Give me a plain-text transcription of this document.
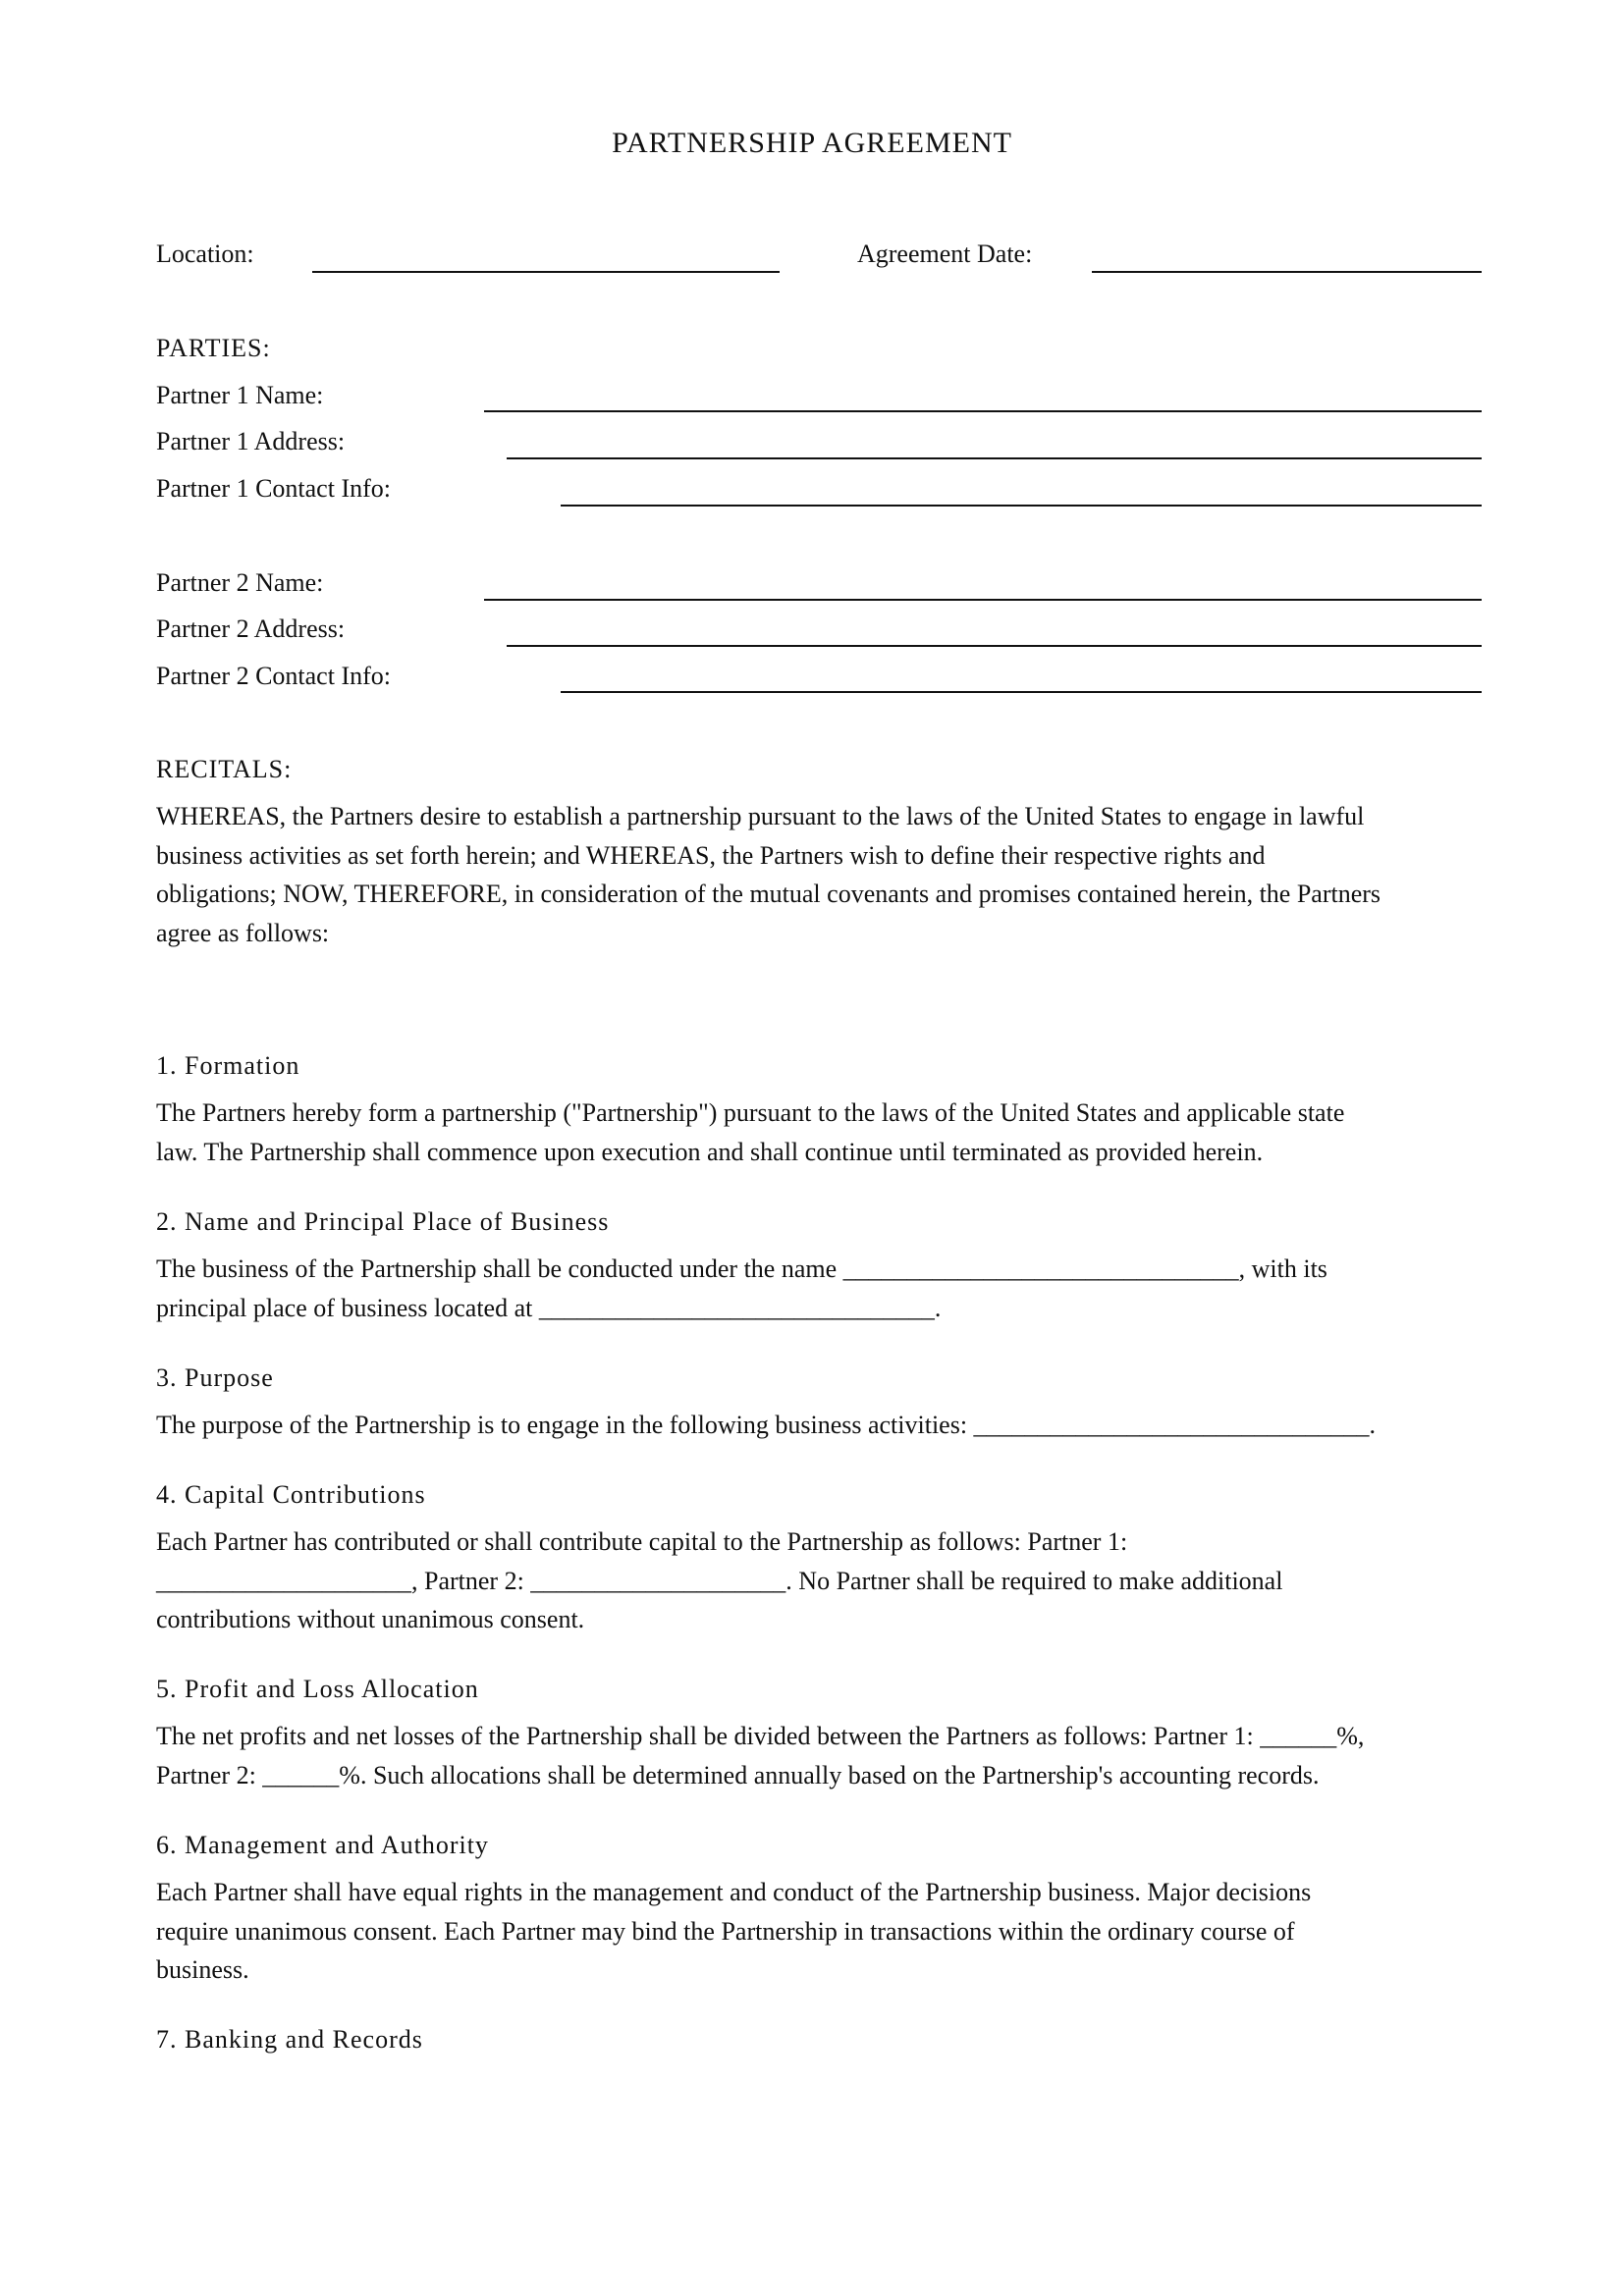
PARTNERSHIP AGREEMENT
Location:	Agreement Date:
PARTIES:
Partner 1 Name:
Partner 1 Address:
Partner 1 Contact Info:
Partner 2 Name:
Partner 2 Address:
Partner 2 Contact Info:
RECITALS:
WHEREAS, the Partners desire to establish a partnership pursuant to the laws of the United States to engage in lawful
business activities as set forth herein; and WHEREAS, the Partners wish to define their respective rights and
obligations; NOW, THEREFORE, in consideration of the mutual covenants and promises contained herein, the Partners
agree as follows:
1. Formation
The Partners hereby form a partnership ("Partnership") pursuant to the laws of the United States and applicable state
law. The Partnership shall commence upon execution and shall continue until terminated as provided herein.
2. Name and Principal Place of Business
The business of the Partnership shall be conducted under the name _______________________________, with its
principal place of business located at _______________________________.
3. Purpose
The purpose of the Partnership is to engage in the following business activities: _______________________________.
4. Capital Contributions
Each Partner has contributed or shall contribute capital to the Partnership as follows: Partner 1:
____________________, Partner 2: ____________________. No Partner shall be required to make additional
contributions without unanimous consent.
5. Profit and Loss Allocation
The net profits and net losses of the Partnership shall be divided between the Partners as follows: Partner 1: ______%,
Partner 2: ______%. Such allocations shall be determined annually based on the Partnership's accounting records.
6. Management and Authority
Each Partner shall have equal rights in the management and conduct of the Partnership business. Major decisions
require unanimous consent. Each Partner may bind the Partnership in transactions within the ordinary course of
business.
7. Banking and Records
